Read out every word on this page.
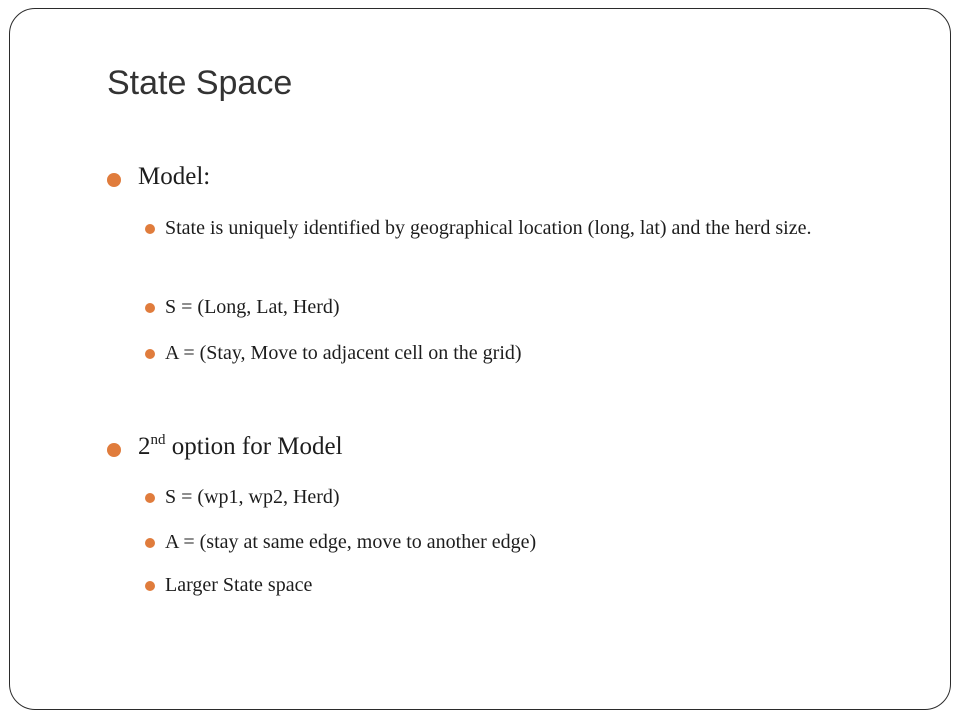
State Space
Model:
State is uniquely identified by geographical location (long, lat) and the herd size.
S = (Long, Lat, Herd)
A = (Stay, Move to adjacent cell on the grid)
2nd option for Model
S = (wp1, wp2, Herd)
A = (stay at same edge, move to another edge)
Larger State space
